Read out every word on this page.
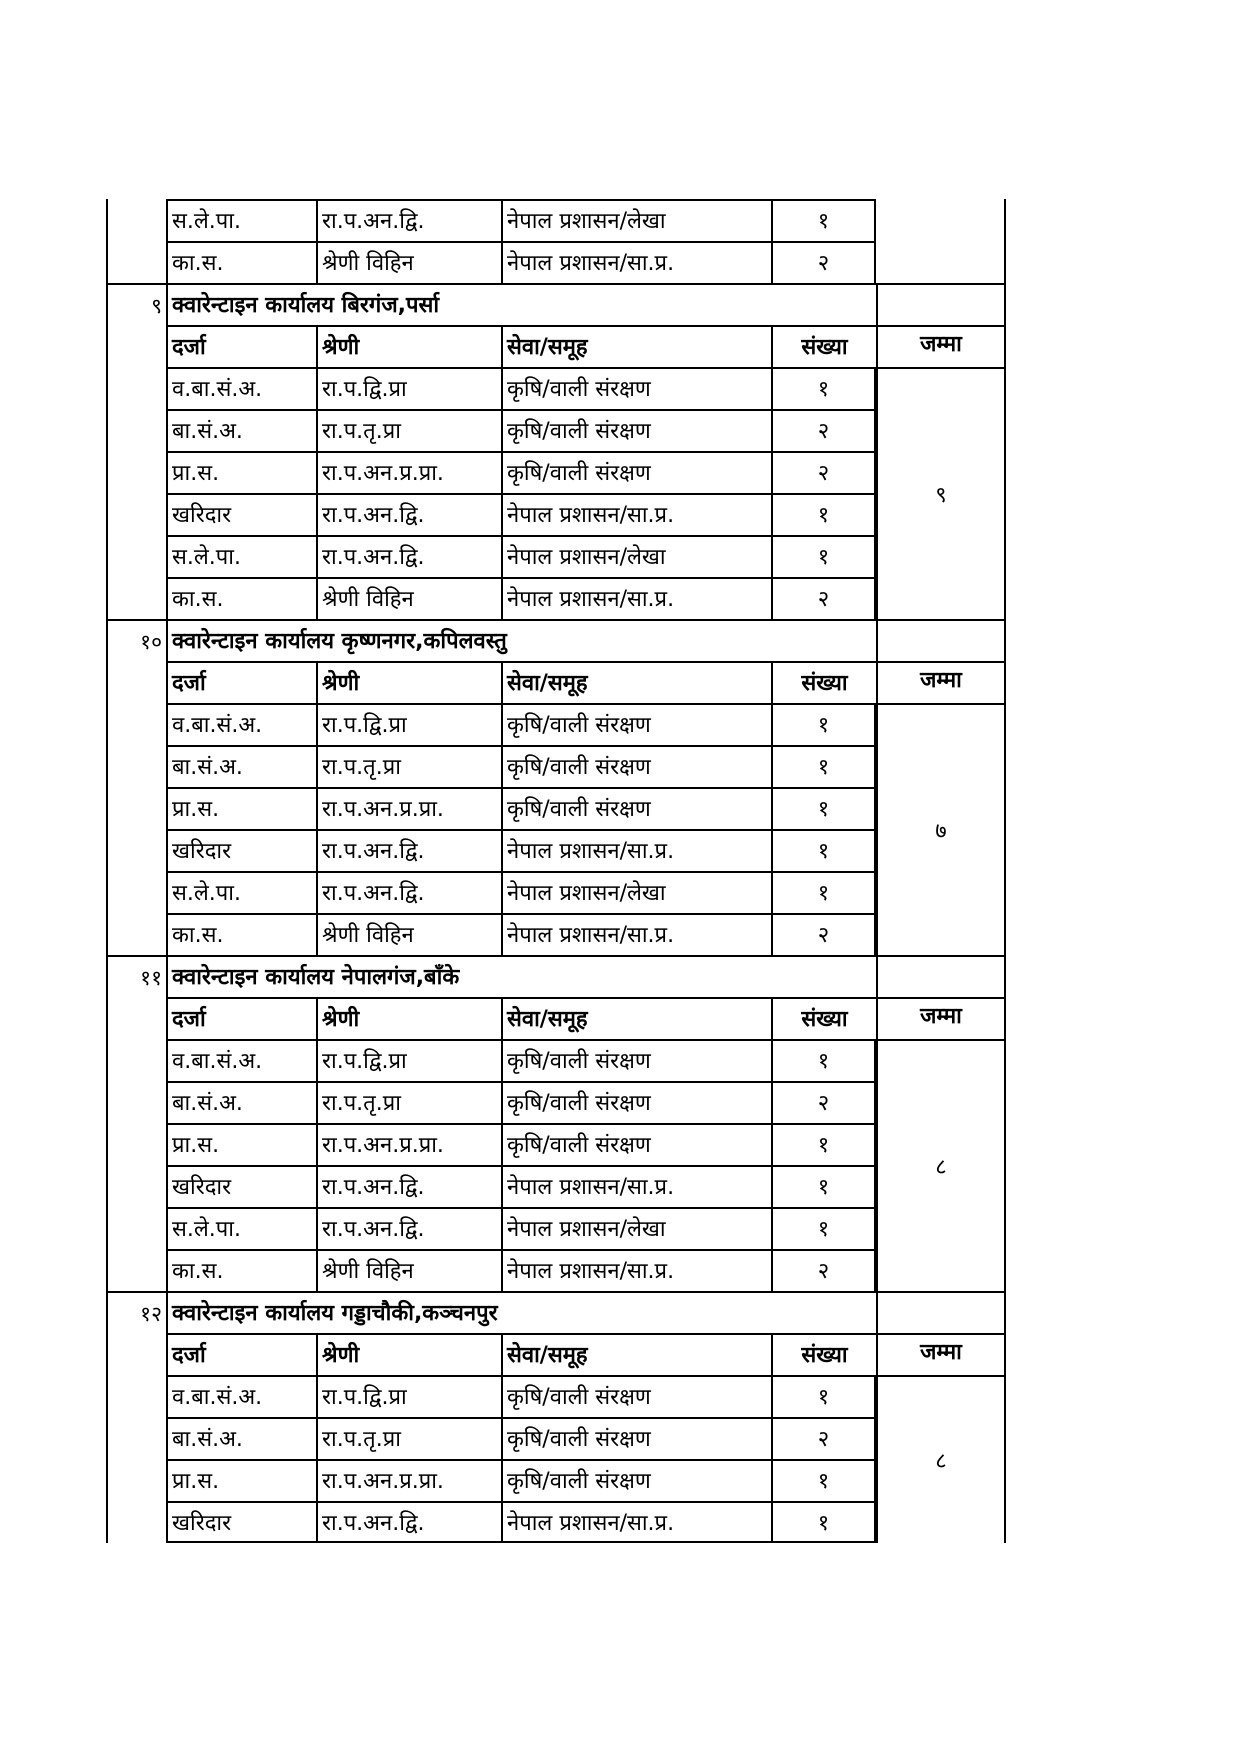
स.ले.पा.	रा.प.अन.द्वि.	नेपाल प्रशासन/लेखा	१
का.स.	श्रेणी विहिन	नेपाल प्रशासन/सा.प्र.	२
९ क्वारेन्टाइन कार्यालय बिरगंज,पर्सा
दर्जा	श्रेणी	सेवा/समूह	संख्या	जम्मा
व.बा.सं.अ.	रा.प.द्वि.प्रा	कृषि/वाली संरक्षण	१
बा.सं.अ.	रा.प.तृ.प्रा	कृषि/वाली संरक्षण	२
प्रा.स.	रा.प.अन.प्र.प्रा.	कृषि/वाली संरक्षण	२
खरिदार	रा.प.अन.द्वि.	नेपाल प्रशासन/सा.प्र.	१
स.ले.पा.	रा.प.अन.द्वि.	नेपाल प्रशासन/लेखा	१
का.स.	श्रेणी विहिन	नेपाल प्रशासन/सा.प्र.	२
९
१० क्वारेन्टाइन कार्यालय कृष्णनगर,कपिलवस्तु
दर्जा	श्रेणी	सेवा/समूह	संख्या	जम्मा
व.बा.सं.अ.	रा.प.द्वि.प्रा	कृषि/वाली संरक्षण	१
बा.सं.अ.	रा.प.तृ.प्रा	कृषि/वाली संरक्षण	१
प्रा.स.	रा.प.अन.प्र.प्रा.	कृषि/वाली संरक्षण	१
खरिदार	रा.प.अन.द्वि.	नेपाल प्रशासन/सा.प्र.	१
स.ले.पा.	रा.प.अन.द्वि.	नेपाल प्रशासन/लेखा	१
का.स.	श्रेणी विहिन	नेपाल प्रशासन/सा.प्र.	२
७
११ क्वारेन्टाइन कार्यालय नेपालगंज,बाँके
दर्जा	श्रेणी	सेवा/समूह	संख्या	जम्मा
व.बा.सं.अ.	रा.प.द्वि.प्रा	कृषि/वाली संरक्षण	१
बा.सं.अ.	रा.प.तृ.प्रा	कृषि/वाली संरक्षण	२
प्रा.स.	रा.प.अन.प्र.प्रा.	कृषि/वाली संरक्षण	१
खरिदार	रा.प.अन.द्वि.	नेपाल प्रशासन/सा.प्र.	१
स.ले.पा.	रा.प.अन.द्वि.	नेपाल प्रशासन/लेखा	१
का.स.	श्रेणी विहिन	नेपाल प्रशासन/सा.प्र.	२
८
१२ क्वारेन्टाइन कार्यालय गड्डाचौकी,कञ्चनपुर
दर्जा	श्रेणी	सेवा/समूह	संख्या	जम्मा
व.बा.सं.अ.	रा.प.द्वि.प्रा	कृषि/वाली संरक्षण	१
बा.सं.अ.	रा.प.तृ.प्रा	कृषि/वाली संरक्षण	२
प्रा.स.	रा.प.अन.प्र.प्रा.	कृषि/वाली संरक्षण	१
खरिदार	रा.प.अन.द्वि.	नेपाल प्रशासन/सा.प्र.	१
८
